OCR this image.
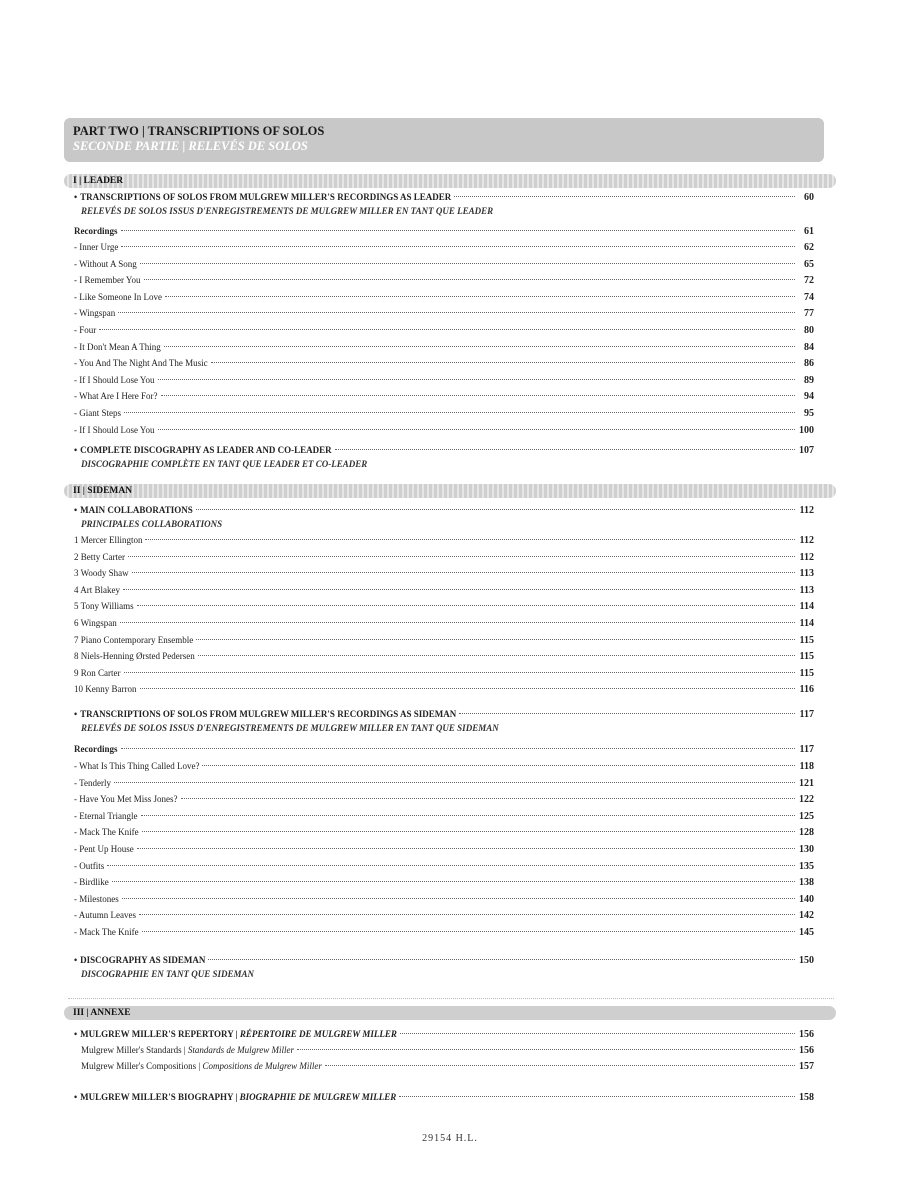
PART TWO | TRANSCRIPTIONS OF SOLOS
SECONDE PARTIE | RELEVÉS DE SOLOS
I | LEADER
• TRANSCRIPTIONS OF SOLOS FROM MULGREW MILLER'S RECORDINGS AS LEADER	60
RELEVÉS DE SOLOS ISSUS D'ENREGISTREMENTS DE MULGREW MILLER EN TANT QUE LEADER
Recordings	61
- Inner Urge	62
- Without A Song	65
- I Remember You	72
- Like Someone In Love	74
- Wingspan	77
- Four	80
- It Don't Mean A Thing	84
- You And The Night And The Music	86
- If I Should Lose You	89
- What Are I Here For?	94
- Giant Steps	95
- If I Should Lose You	100
• COMPLETE DISCOGRAPHY AS LEADER AND CO-LEADER	107
DISCOGRAPHIE COMPLÈTE EN TANT QUE LEADER ET CO-LEADER
II | SIDEMAN
• MAIN COLLABORATIONS	112
PRINCIPALES COLLABORATIONS
1 Mercer Ellington	112
2 Betty Carter	112
3 Woody Shaw	113
4 Art Blakey	113
5 Tony Williams	114
6 Wingspan	114
7 Piano Contemporary Ensemble	115
8 Niels-Henning Ørsted Pedersen	115
9 Ron Carter	115
10 Kenny Barron	116
• TRANSCRIPTIONS OF SOLOS FROM MULGREW MILLER'S RECORDINGS AS SIDEMAN	117
RELEVÉS DE SOLOS ISSUS D'ENREGISTREMENTS DE MULGREW MILLER EN TANT QUE SIDEMAN
Recordings	117
- What Is This Thing Called Love?	118
- Tenderly	121
- Have You Met Miss Jones?	122
- Eternal Triangle	125
- Mack The Knife	128
- Pent Up House	130
- Outfits	135
- Birdlike	138
- Milestones	140
- Autumn Leaves	142
- Mack The Knife	145
• DISCOGRAPHY AS SIDEMAN	150
DISCOGRAPHIE EN TANT QUE SIDEMAN
III | ANNEXE
• MULGREW MILLER'S REPERTORY | RÉPERTOIRE DE MULGREW MILLER	156
Mulgrew Miller's Standards | Standards de Mulgrew Miller	156
Mulgrew Miller's Compositions | Compositions de Mulgrew Miller	157
• MULGREW MILLER'S BIOGRAPHY | BIOGRAPHIE DE MULGREW MILLER	158
29154 H.L.
